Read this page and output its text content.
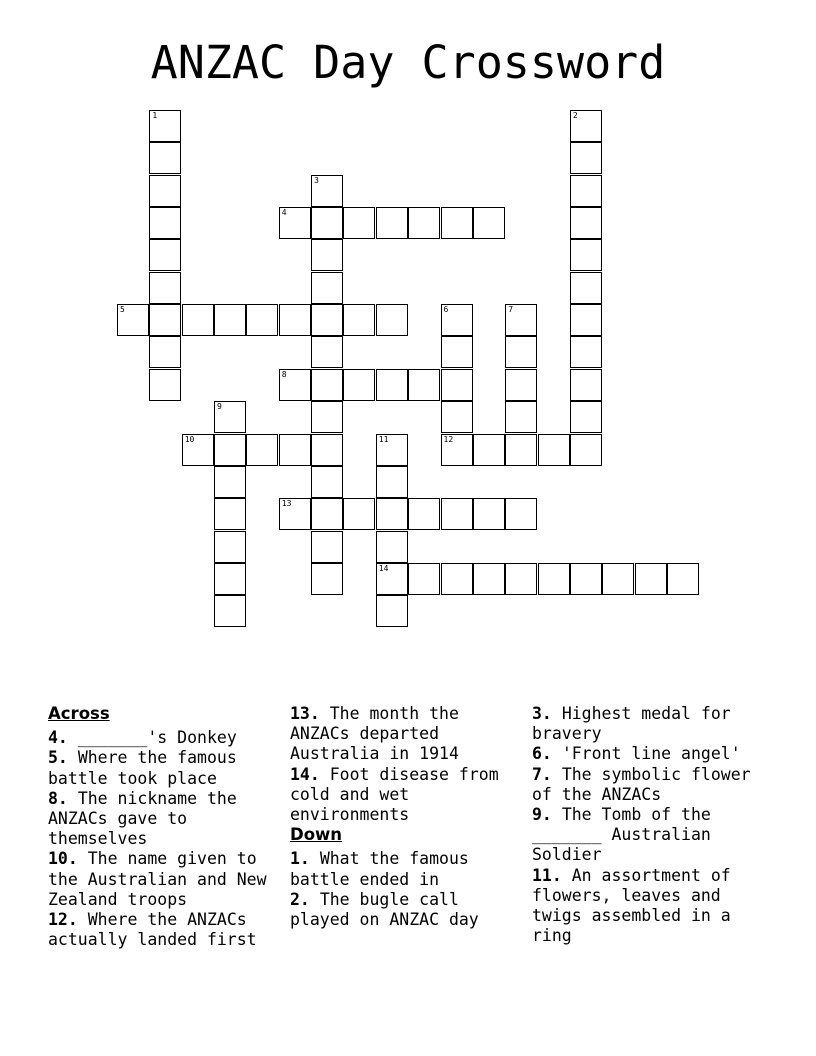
ANZAC Day Crossword
1	2
3
4
5	6	7
8
9
10	11
14
12
13
Across
4. _______'s Donkey
5. Where the famous battle took place
8. The nickname the ANZACs gave to themselves
10. The name given to the Australian and New Zealand troops
12. Where the ANZACs actually landed first
13. The month the ANZACs departed Australia in 1914
14. Foot disease from cold and wet environments
Down
1. What the famous battle ended in
2. The bugle call played on ANZAC day
3. Highest medal for bravery
6. 'Front line angel'
7. The symbolic flower of the ANZACs
9. The Tomb of the _______ Australian Soldier
11. An assortment of flowers, leaves and twigs assembled in a ring
